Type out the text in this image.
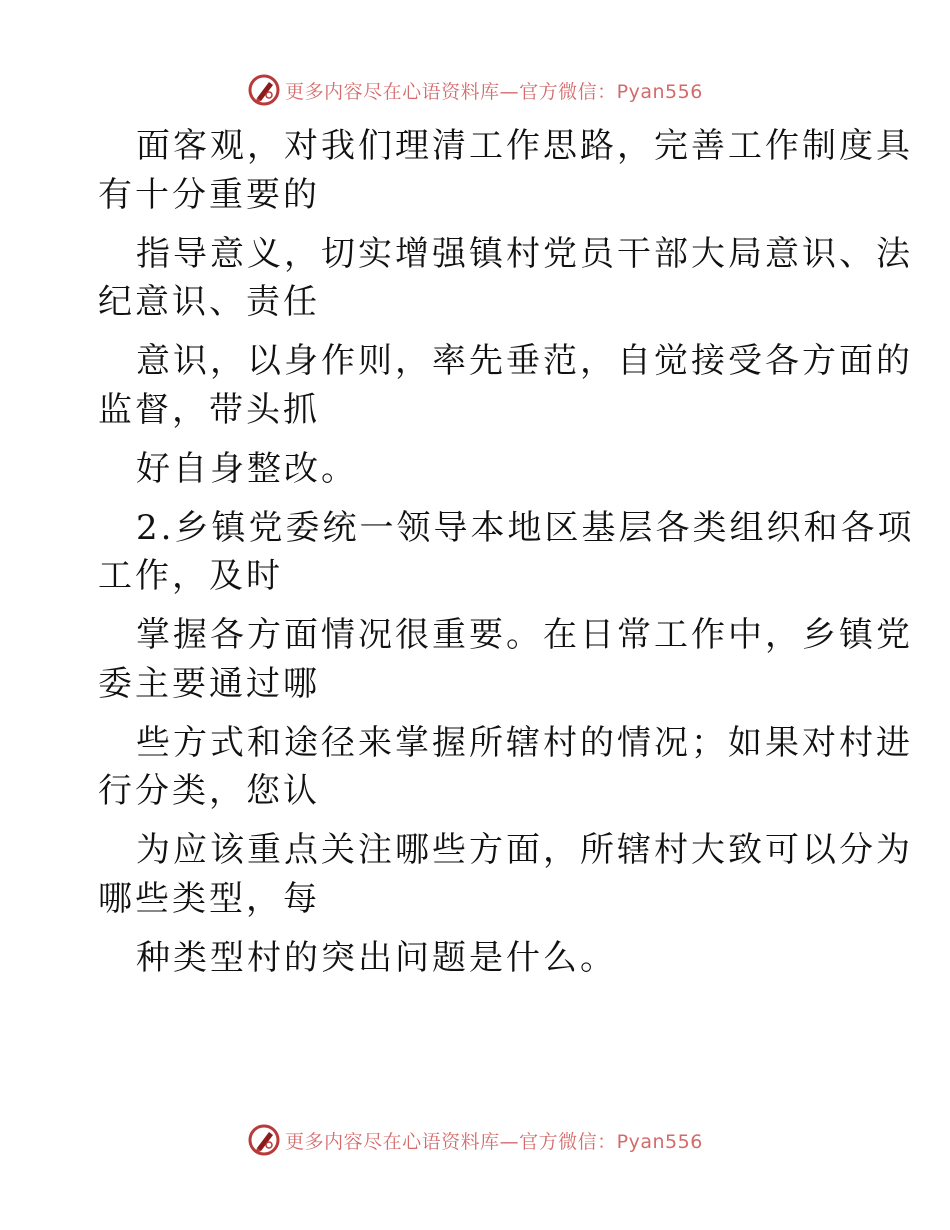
更多内容尽在心语资料库—官方微信：Pyan556
面客观，对我们理清工作思路，完善工作制度具
有十分重要的
指导意义，切实增强镇村党员干部大局意识、法
纪意识、责任
意识，以身作则，率先垂范，自觉接受各方面的
监督，带头抓
好自身整改。
2.乡镇党委统一领导本地区基层各类组织和各项
工作，及时
掌握各方面情况很重要。在日常工作中，乡镇党
委主要通过哪
些方式和途径来掌握所辖村的情况；如果对村进
行分类，您认
为应该重点关注哪些方面，所辖村大致可以分为
哪些类型，每
种类型村的突出问题是什么。
更多内容尽在心语资料库—官方微信：Pyan556
